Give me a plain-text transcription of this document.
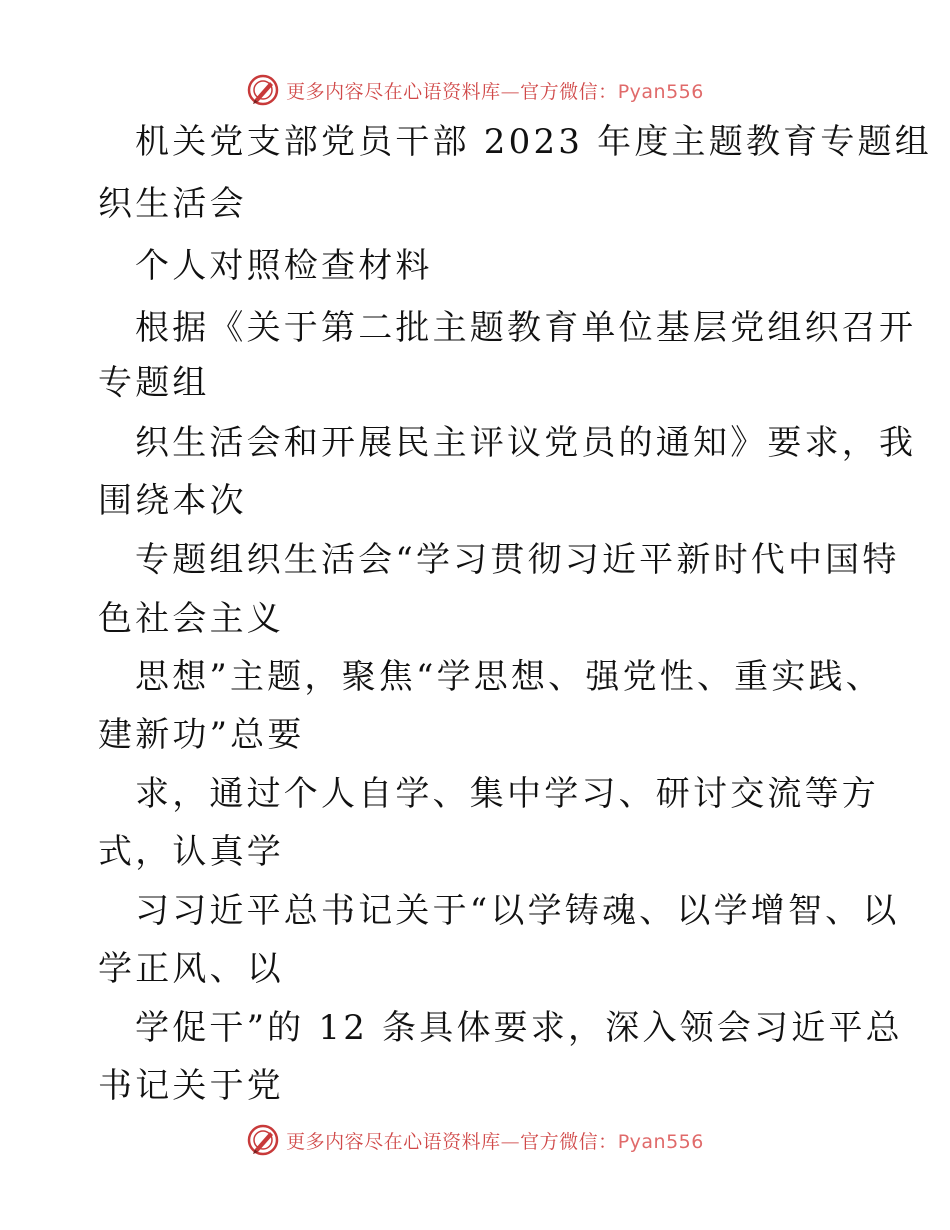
更多内容尽在心语资料库—官方微信：Pyan556
机关党支部党员干部 2023 年度主题教育专题组
织生活会
个人对照检查材料
根据《关于第二批主题教育单位基层党组织召开
专题组
织生活会和开展民主评议党员的通知》要求，我
围绕本次
专题组织生活会“学习贯彻习近平新时代中国特
色社会主义
思想”主题，聚焦“学思想、强党性、重实践、
建新功”总要
求，通过个人自学、集中学习、研讨交流等方
式，认真学
习习近平总书记关于“以学铸魂、以学增智、以
学正风、以
学促干”的 12 条具体要求，深入领会习近平总
书记关于党
更多内容尽在心语资料库—官方微信：Pyan556
